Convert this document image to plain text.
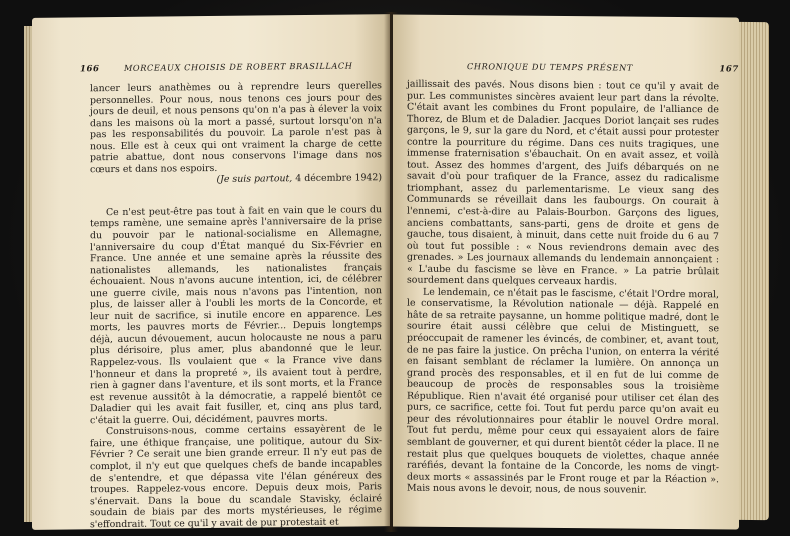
166	MORCEAUX CHOISIS DE ROBERT BRASILLACH

lancer leurs anathèmes ou à reprendre leurs querelles personnelles. Pour nous, nous tenons ces jours pour des jours de deuil, et nous pensons qu'on n'a pas à élever la voix dans les maisons où la mort a passé, surtout lorsqu'on n'a pas les responsabilités du pouvoir. La parole n'est pas à nous. Elle est à ceux qui ont vraiment la charge de cette patrie abattue, dont nous conservons l'image dans nos cœurs et dans nos espoirs.

(Je suis partout, 4 décembre 1942)

Ce n'est peut-être pas tout à fait en vain que le cours du temps ramène, une semaine après l'anniversaire de la prise du pouvoir par le national-socialisme en Allemagne, l'anniversaire du coup d'État manqué du Six-Février en France. Une année et une semaine après la réussite des nationalistes allemands, les nationalistes français échouaient. Nous n'avons aucune intention, ici, de célébrer une guerre civile, mais nous n'avons pas l'intention, non plus, de laisser aller à l'oubli les morts de la Concorde, et leur nuit de sacrifice, si inutile encore en apparence. Les morts, les pauvres morts de Février... Depuis longtemps déjà, aucun dévouement, aucun holocauste ne nous a paru plus dérisoire, plus amer, plus abandonné que le leur. Rappelez-vous. Ils voulaient que « la France vive dans l'honneur et dans la propreté », ils avaient tout à perdre, rien à gagner dans l'aventure, et ils sont morts, et la France est revenue aussitôt à la démocratie, a rappelé bientôt ce Daladier qui les avait fait fusiller, et, cinq ans plus tard, c'était la guerre. Oui, décidément, pauvres morts.

Construisons-nous, comme certains essayèrent de le faire, une éthique française, une politique, autour du Six-Février ? Ce serait une bien grande erreur. Il n'y eut pas de complot, il n'y eut que quelques chefs de bande incapables de s'entendre, et que dépassa vite l'élan généreux des troupes. Rappelez-vous encore. Depuis deux mois, Paris s'énervait. Dans la boue du scandale Stavisky, éclairé soudain de biais par des morts mystérieuses, le régime s'effondrait. Tout ce qu'il y avait de pur protestait et

CHRONIQUE DU TEMPS PRÉSENT	167

jaillissait des pavés. Nous disons bien : tout ce qu'il y avait de pur. Les communistes sincères avaient leur part dans la révolte. C'était avant les combines du Front populaire, de l'alliance de Thorez, de Blum et de Daladier. Jacques Doriot lançait ses rudes garçons, le 9, sur la gare du Nord, et c'était aussi pour protester contre la pourriture du régime. Dans ces nuits tragiques, une immense fraternisation s'ébauchait. On en avait assez, et voilà tout. Assez des hommes d'argent, des Juifs débarqués on ne savait d'où pour trafiquer de la France, assez du radicalisme triomphant, assez du parlementarisme. Le vieux sang des Communards se réveillait dans les faubourgs. On courait à l'ennemi, c'est-à-dire au Palais-Bourbon. Garçons des ligues, anciens combattants, sans-parti, gens de droite et gens de gauche, tous disaient, à minuit, dans cette nuit froide du 6 au 7 où tout fut possible : « Nous reviendrons demain avec des grenades. » Les journaux allemands du lendemain annonçaient : « L'aube du fascisme se lève en France. » La patrie brûlait sourdement dans quelques cerveaux hardis.

Le lendemain, ce n'était pas le fascisme, c'était l'Ordre moral, le conservatisme, la Révolution nationale — déjà. Rappelé en hâte de sa retraite paysanne, un homme politique madré, dont le sourire était aussi célèbre que celui de Mistinguett, se préoccupait de ramener les évincés, de combiner, et, avant tout, de ne pas faire la justice. On prêcha l'union, on enterra la vérité en faisant semblant de réclamer la lumière. On annonça un grand procès des responsables, et il en fut de lui comme de beaucoup de procès de responsables sous la troisième République. Rien n'avait été organisé pour utiliser cet élan des purs, ce sacrifice, cette foi. Tout fut perdu parce qu'on avait eu peur des révolutionnaires pour établir le nouvel Ordre moral. Tout fut perdu, même pour ceux qui essayaient alors de faire semblant de gouverner, et qui durent bientôt céder la place. Il ne restait plus que quelques bouquets de violettes, chaque année raréfiés, devant la fontaine de la Concorde, les noms de vingt-deux morts « assassinés par le Front rouge et par la Réaction ». Mais nous avons le devoir, nous, de nous souvenir.
